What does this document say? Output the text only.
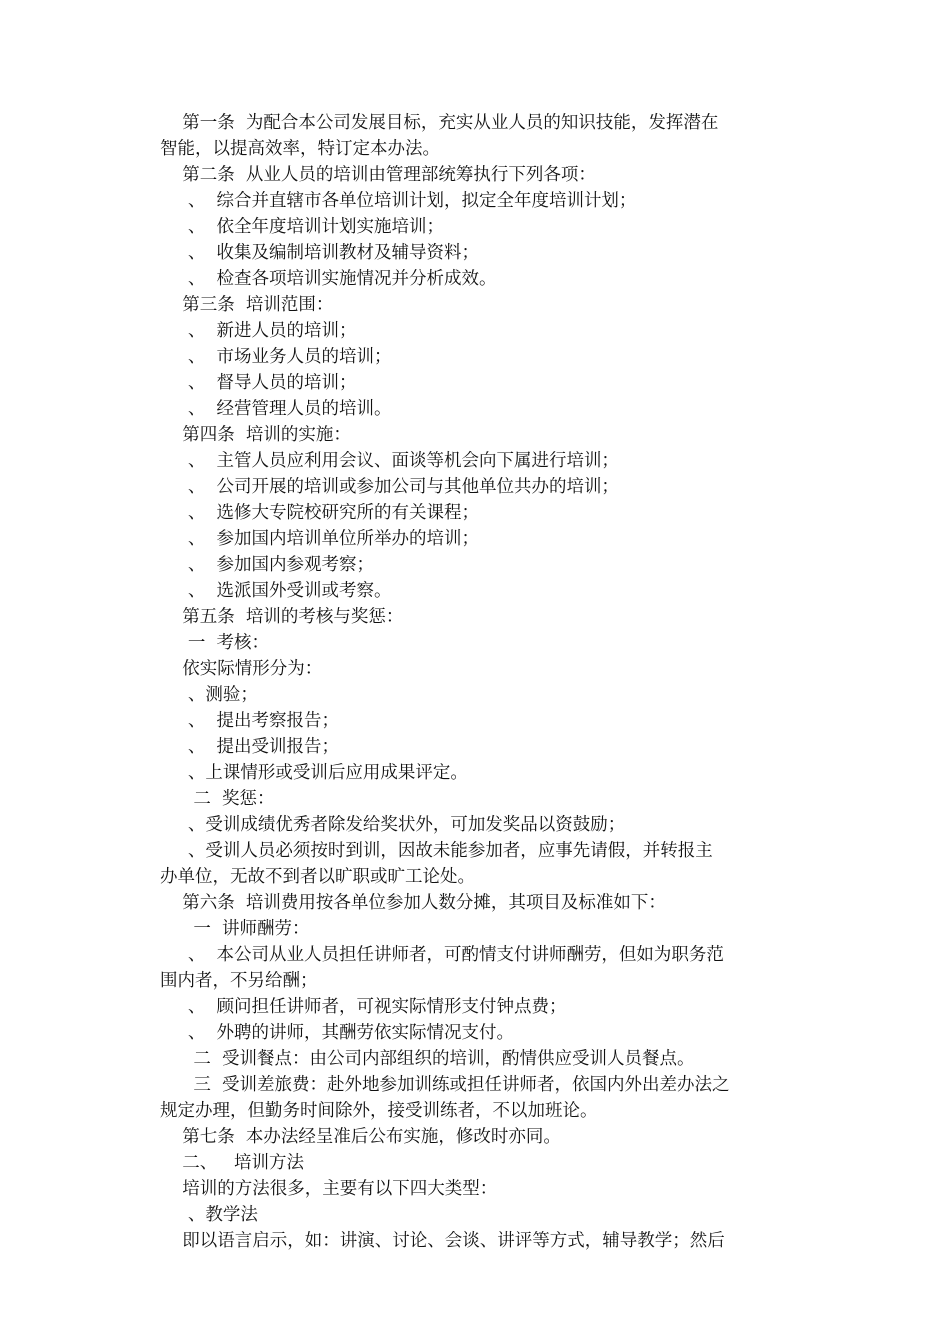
第一条  为配合本公司发展目标，充实从业人员的知识技能，发挥潜在
智能，以提高效率，特订定本办法。
第二条  从业人员的培训由管理部统筹执行下列各项：
、  综合并直辖市各单位培训计划，拟定全年度培训计划；
、  依全年度培训计划实施培训；
、  收集及编制培训教材及辅导资料；
、  检查各项培训实施情况并分析成效。
第三条  培训范围：
、  新进人员的培训；
、  市场业务人员的培训；
、  督导人员的培训；
、  经营管理人员的培训。
第四条  培训的实施：
、  主管人员应利用会议、面谈等机会向下属进行培训；
、  公司开展的培训或参加公司与其他单位共办的培训；
、  选修大专院校研究所的有关课程；
、  参加国内培训单位所举办的培训；
、  参加国内参观考察；
、  选派国外受训或考察。
第五条  培训的考核与奖惩：
一  考核：
依实际情形分为：
、测验；
、  提出考察报告；
、  提出受训报告；
、上课情形或受训后应用成果评定。
二  奖惩：
、受训成绩优秀者除发给奖状外，可加发奖品以资鼓励；
、受训人员必须按时到训，因故未能参加者，应事先请假，并转报主
办单位，无故不到者以旷职或旷工论处。
第六条  培训费用按各单位参加人数分摊，其项目及标准如下：
一  讲师酬劳：
、  本公司从业人员担任讲师者，可酌情支付讲师酬劳，但如为职务范
围内者，不另给酬；
、  顾问担任讲师者，可视实际情形支付钟点费；
、  外聘的讲师，其酬劳依实际情况支付。
二  受训餐点：由公司内部组织的培训，酌情供应受训人员餐点。
三  受训差旅费：赴外地参加训练或担任讲师者，依国内外出差办法之
规定办理，但勤务时间除外，接受训练者，不以加班论。
第七条  本办法经呈准后公布实施，修改时亦同。
二、   培训方法
培训的方法很多，主要有以下四大类型：
、教学法
即以语言启示，如：讲演、讨论、会谈、讲评等方式，辅导教学；然后
